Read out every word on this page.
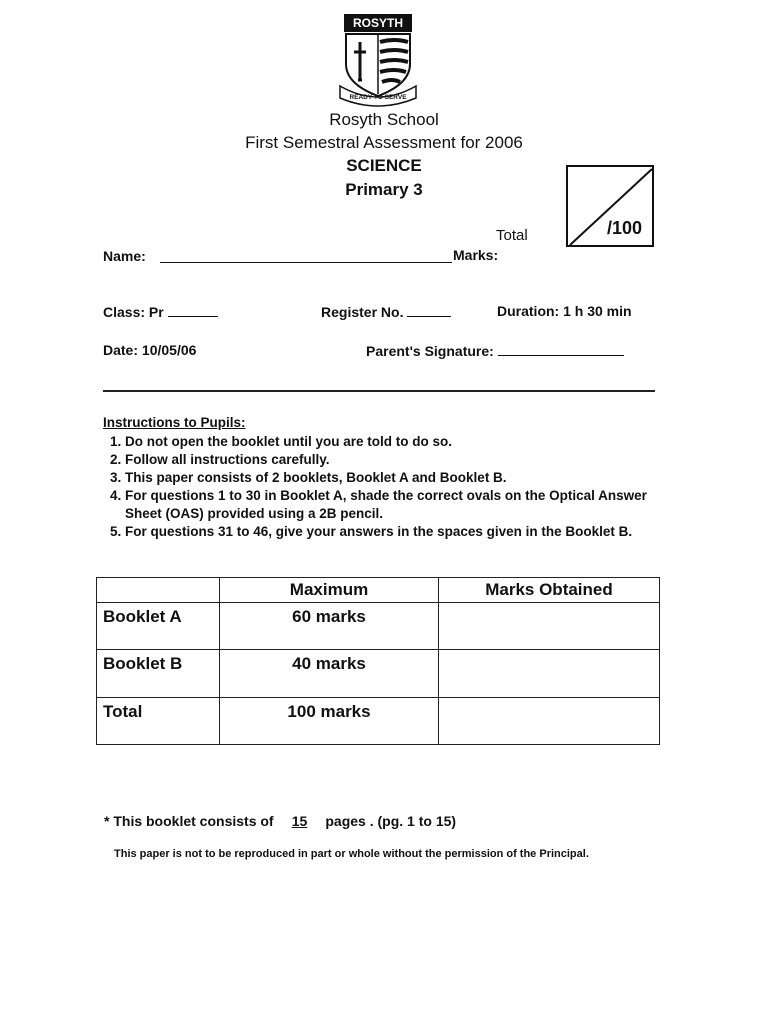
ROSYTH
READY TO SERVE
Rosyth School
First Semestral Assessment for 2006
SCIENCE
Primary 3
/100
Total
Name:	Marks:
Class: Pr	Register No.	Duration: 1 h 30 min
Date: 10/05/06	Parent's Signature:
Instructions to Pupils:
1. Do not open the booklet until you are told to do so.
2. Follow all instructions carefully.
3. This paper consists of 2 booklets, Booklet A and Booklet B.
4. For questions 1 to 30 in Booklet A, shade the correct ovals on the Optical Answer Sheet (OAS) provided using a 2B pencil.
5. For questions 31 to 46, give your answers in the spaces given in the Booklet B.
	Maximum	Marks Obtained
Booklet A	60 marks	
Booklet B	40 marks	
Total	100 marks	
* This booklet consists of 15 pages . (pg. 1 to 15)
This paper is not to be reproduced in part or whole without the permission of the Principal.
